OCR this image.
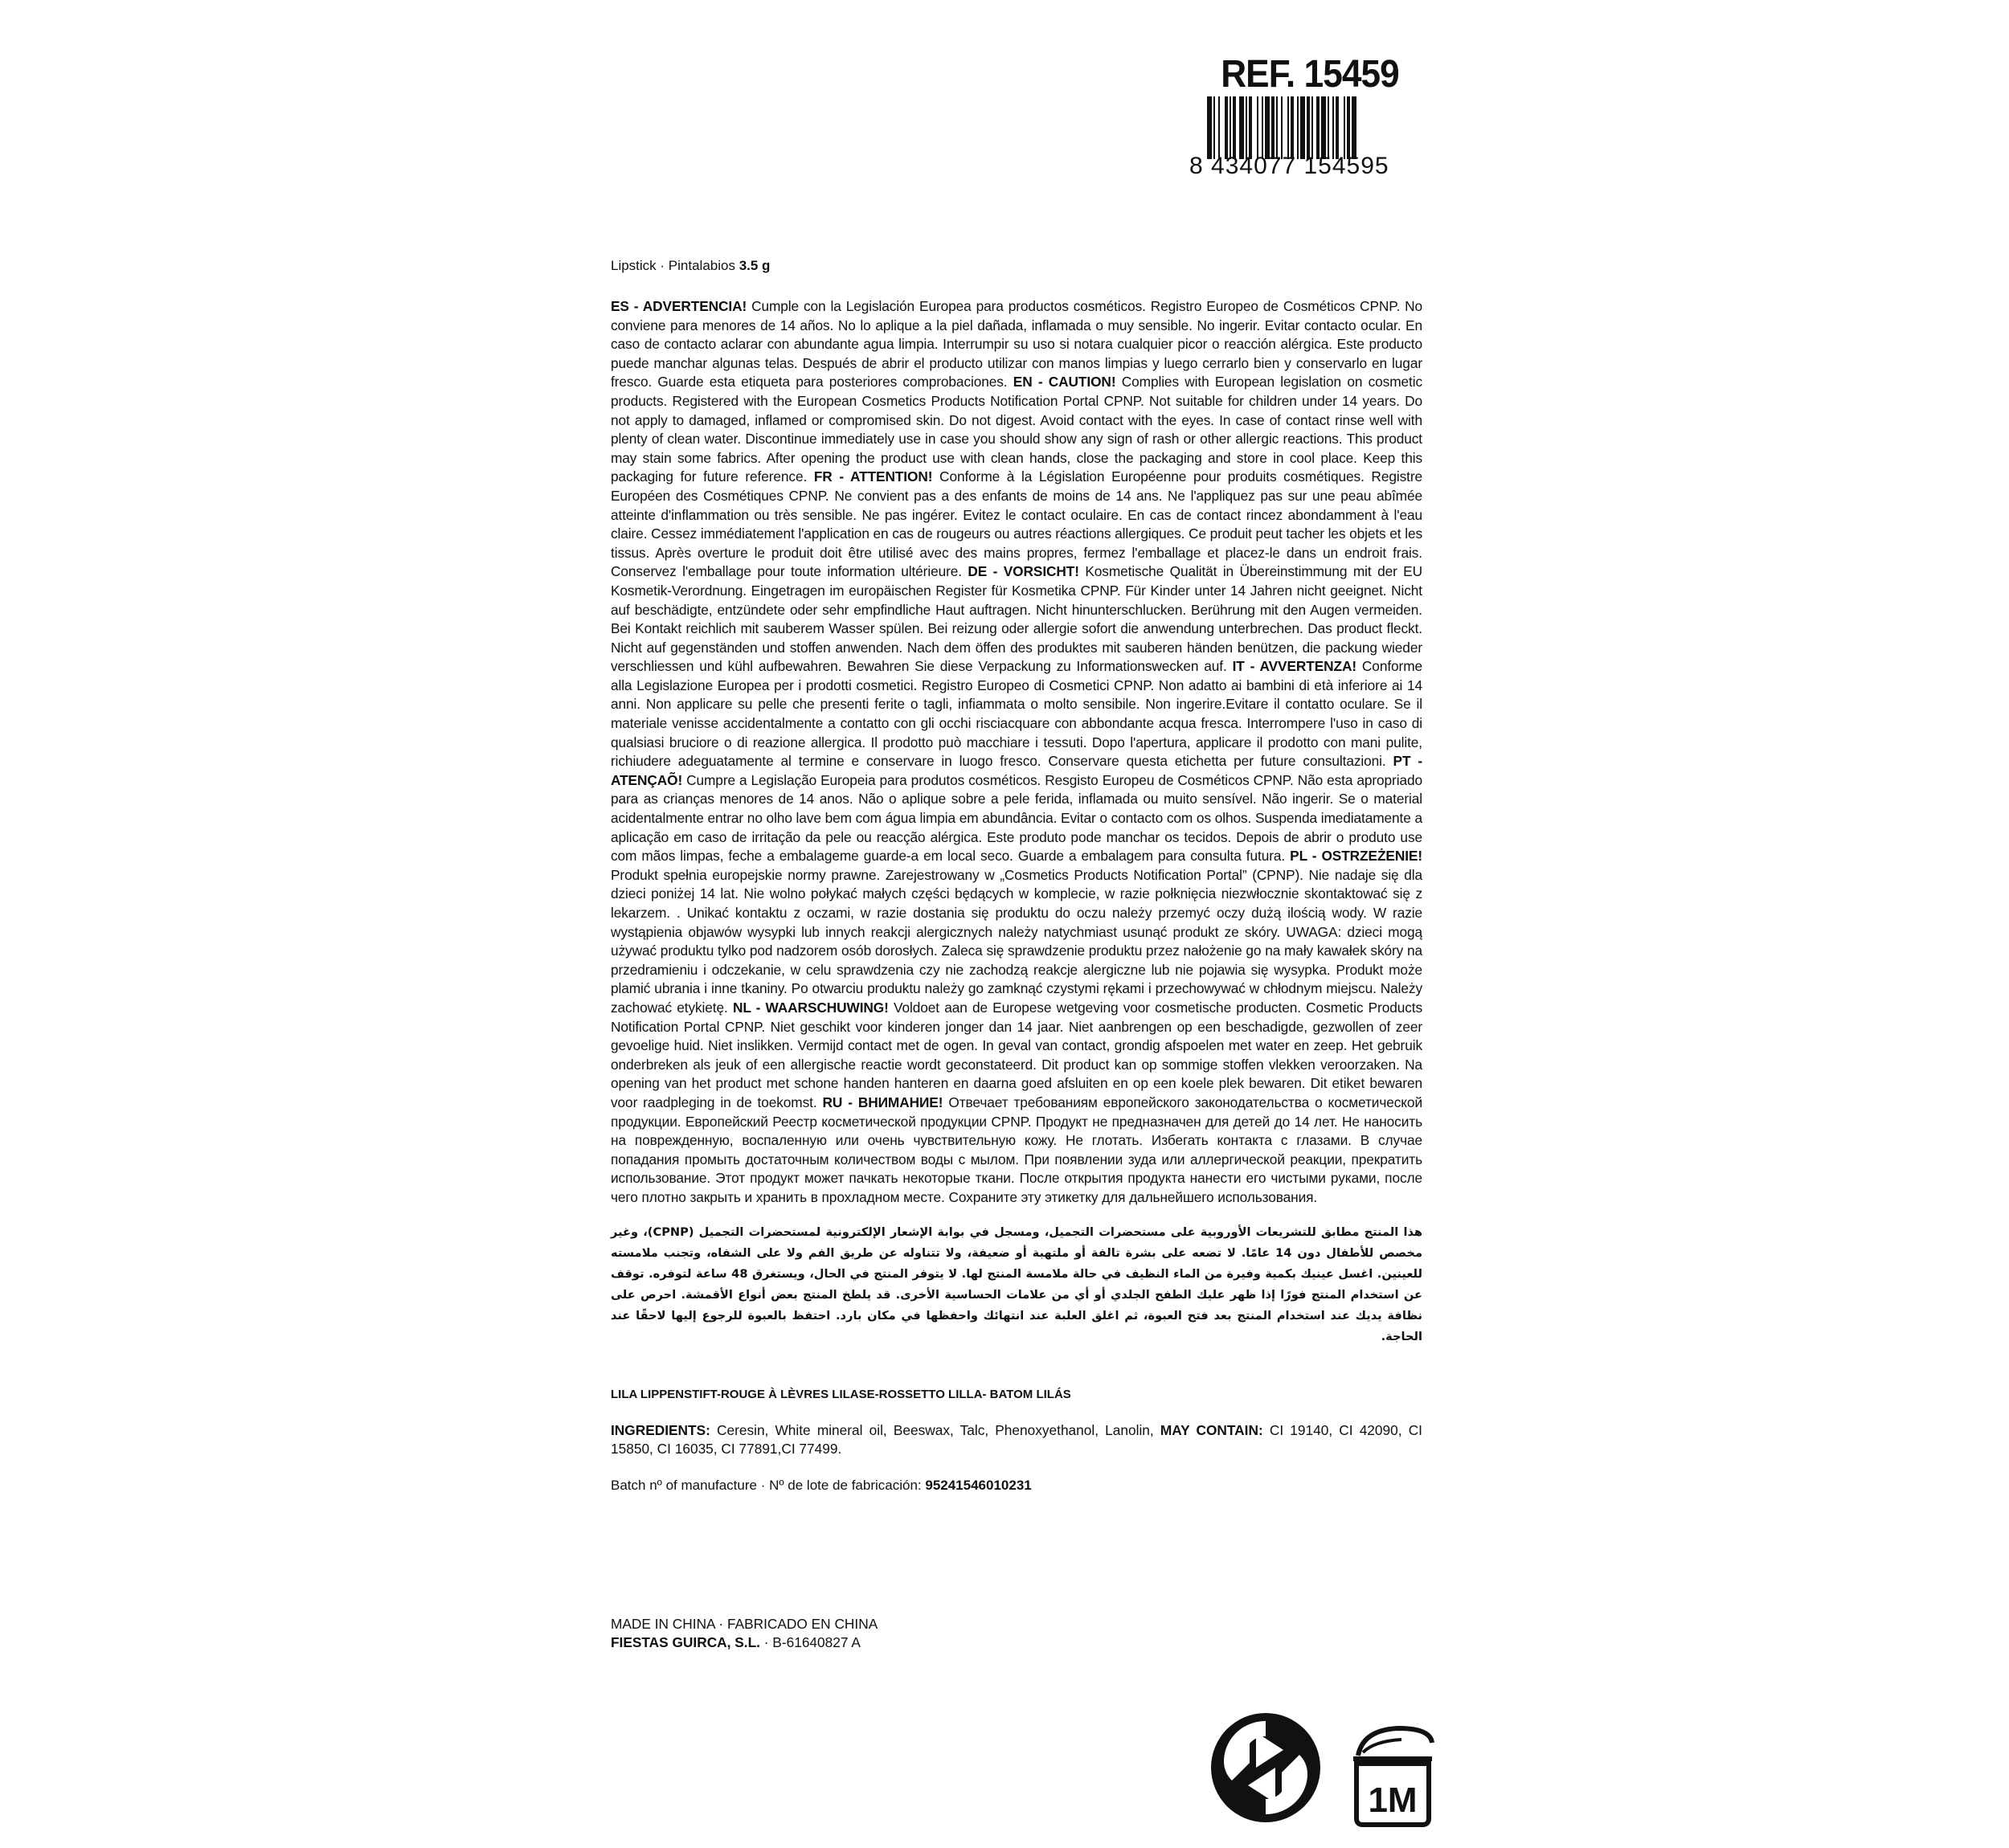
REF. 15459
8 434077 154595
Lipstick · Pintalabios 3.5 g

ES - ADVERTENCIA! Cumple con la Legislación Europea para productos cosméticos. Registro Europeo de Cosméticos CPNP. No conviene para menores de 14 años. No lo aplique a la piel dañada, inflamada o muy sensible. No ingerir. Evitar contacto ocular. En caso de contacto aclarar con abundante agua limpia. Interrumpir su uso si notara cualquier picor o reacción alérgica. Este producto puede manchar algunas telas. Después de abrir el producto utilizar con manos limpias y luego cerrarlo bien y conservarlo en lugar fresco. Guarde esta etiqueta para posteriores comprobaciones. EN - CAUTION! Complies with European legislation on cosmetic products. Registered with the European Cosmetics Products Notification Portal CPNP. Not suitable for children under 14 years. Do not apply to damaged, inflamed or compromised skin. Do not digest. Avoid contact with the eyes. In case of contact rinse well with plenty of clean water. Discontinue immediately use in case you should show any sign of rash or other allergic reactions. This product may stain some fabrics. After opening the product use with clean hands, close the packaging and store in cool place. Keep this packaging for future reference. FR - ATTENTION! Conforme à la Législation Européenne pour produits cosmétiques. Registre Européen des Cosmétiques CPNP. Ne convient pas a des enfants de moins de 14 ans. Ne l'appliquez pas sur une peau abîmée atteinte d'inflammation ou très sensible. Ne pas ingérer. Evitez le contact oculaire. En cas de contact rincez abondamment à l'eau claire. Cessez immédiatement l'application en cas de rougeurs ou autres réactions allergiques. Ce produit peut tacher les objets et les tissus. Après overture le produit doit être utilisé avec des mains propres, fermez l'emballage et placez-le dans un endroit frais. Conservez l'emballage pour toute information ultérieure. DE - VORSICHT! Kosmetische Qualität in Übereinstimmung mit der EU Kosmetik-Verordnung. Eingetragen im europäischen Register für Kosmetika CPNP. Für Kinder unter 14 Jahren nicht geeignet. Nicht auf beschädigte, entzündete oder sehr empfindliche Haut auftragen. Nicht hinunterschlucken. Berührung mit den Augen vermeiden. Bei Kontakt reichlich mit sauberem Wasser spülen. Bei reizung oder allergie sofort die anwendung unterbrechen. Das product fleckt. Nicht auf gegenständen und stoffen anwenden. Nach dem öffen des produktes mit sauberen händen benützen, die packung wieder verschliessen und kühl aufbewahren. Bewahren Sie diese Verpackung zu Informationswecken auf. IT - AVVERTENZA! Conforme alla Legislazione Europea per i prodotti cosmetici. Registro Europeo di Cosmetici CPNP. Non adatto ai bambini di età inferiore ai 14 anni. Non applicare su pelle che presenti ferite o tagli, infiammata o molto sensibile. Non ingerire.Evitare il contatto oculare. Se il materiale venisse accidentalmente a contatto con gli occhi risciacquare con abbondante acqua fresca. Interrompere l'uso in caso di qualsiasi bruciore o di reazione allergica. Il prodotto può macchiare i tessuti. Dopo l'apertura, applicare il prodotto con mani pulite, richiudere adeguatamente al termine e conservare in luogo fresco. Conservare questa etichetta per future consultazioni. PT - ATENÇAÕ! Cumpre a Legislação Europeia para produtos cosméticos. Resgisto Europeu de Cosméticos CPNP. Não esta apropriado para as crianças menores de 14 anos. Não o aplique sobre a pele ferida, inflamada ou muito sensível. Não ingerir. Se o material acidentalmente entrar no olho lave bem com água limpia em abundância. Evitar o contacto com os olhos. Suspenda imediatamente a aplicação em caso de irritação da pele ou reacção alérgica. Este produto pode manchar os tecidos. Depois de abrir o produto use com mãos limpas, feche a embalageme guarde-a em local seco. Guarde a embalagem para consulta futura. PL - OSTRZEŻENIE! Produkt spełnia europejskie normy prawne. Zarejestrowany w „Cosmetics Products Notification Portal” (CPNP). Nie nadaje się dla dzieci poniżej 14 lat. Nie wolno połykać małych części będących w komplecie, w razie połknięcia niezwłocznie skontaktować się z lekarzem. . Unikać kontaktu z oczami, w razie dostania się produktu do oczu należy przemyć oczy dużą ilością wody. W razie wystąpienia objawów wysypki lub innych reakcji alergicznych należy natychmiast usunąć produkt ze skóry. UWAGA: dzieci mogą używać produktu tylko pod nadzorem osób dorosłych. Zaleca się sprawdzenie produktu przez nałożenie go na mały kawałek skóry na przedramieniu i odczekanie, w celu sprawdzenia czy nie zachodzą reakcje alergiczne lub nie pojawia się wysypka. Produkt może plamić ubrania i inne tkaniny. Po otwarciu produktu należy go zamknąć czystymi rękami i przechowywać w chłodnym miejscu. Należy zachować etykietę. NL - WAARSCHUWING! Voldoet aan de Europese wetgeving voor cosmetische producten. Cosmetic Products Notification Portal CPNP. Niet geschikt voor kinderen jonger dan 14 jaar. Niet aanbrengen op een beschadigde, gezwollen of zeer gevoelige huid. Niet inslikken. Vermijd contact met de ogen. In geval van contact, grondig afspoelen met water en zeep. Het gebruik onderbreken als jeuk of een allergische reactie wordt geconstateerd. Dit product kan op sommige stoffen vlekken veroorzaken. Na opening van het product met schone handen hanteren en daarna goed afsluiten en op een koele plek bewaren. Dit etiket bewaren voor raadpleging in de toekomst. RU - ВНИМАНИЕ! Отвечает требованиям европейского законодательства о косметической продукции. Европейский Реестр косметической продукции CPNP. Продукт не предназначен для детей до 14 лет. Не наносить на поврежденную, воспаленную или очень чувствительную кожу. Не глотать. Избегать контакта с глазами. В случае попадания промыть достаточным количеством воды с мылом. При появлении зуда или аллергической реакции, прекратить использование. Этот продукт может пачкать некоторые ткани. После открытия продукта нанести его чистыми руками, после чего плотно закрыть и хранить в прохладном месте. Сохраните эту этикетку для дальнейшего использования.

هذا المنتج مطابق للتشريعات الأوروبية على مستحضرات التجميل، ومسجل في بوابة الإشعار الإلكترونية لمستحضرات التجميل (CPNP)، وغير مخصص للأطفال دون 14 عامًا. لا تضعه على بشرة تالفة أو ملتهبة أو ضعيفة، ولا تتناوله عن طريق الفم ولا على الشفاه، وتجنب ملامسته للعينين. اغسل عينيك بكمية وفيرة من الماء النظيف في حالة ملامسة المنتج لها. لا يتوفر المنتج في الحال، ويستغرق 48 ساعة لتوفره. توقف عن استخدام المنتج فورًا إذا ظهر عليك الطفح الجلدي أو أي من علامات الحساسية الأخرى. قد يلطخ المنتج بعض أنواع الأقمشة. احرص على نظافة يديك عند استخدام المنتج بعد فتح العبوة، ثم اغلق العلبة عند انتهائك واحفظها في مكان بارد. احتفظ بالعبوة للرجوع إليها لاحقًا عند الحاجة.

LILA LIPPENSTIFT-ROUGE À LÈVRES LILASE-ROSSETTO LILLA- BATOM LILÁS
INGREDIENTS: Ceresin, White mineral oil, Beeswax, Talc, Phenoxyethanol, Lanolin, MAY CONTAIN: CI 19140, CI 42090, CI 15850, CI 16035, CI 77891,CI 77499.
Batch nº of manufacture · Nº de lote de fabricación: 95241546010231
MADE IN CHINA · FABRICADO EN CHINA
FIESTAS GUIRCA, S.L. · B-61640827 A
1M
